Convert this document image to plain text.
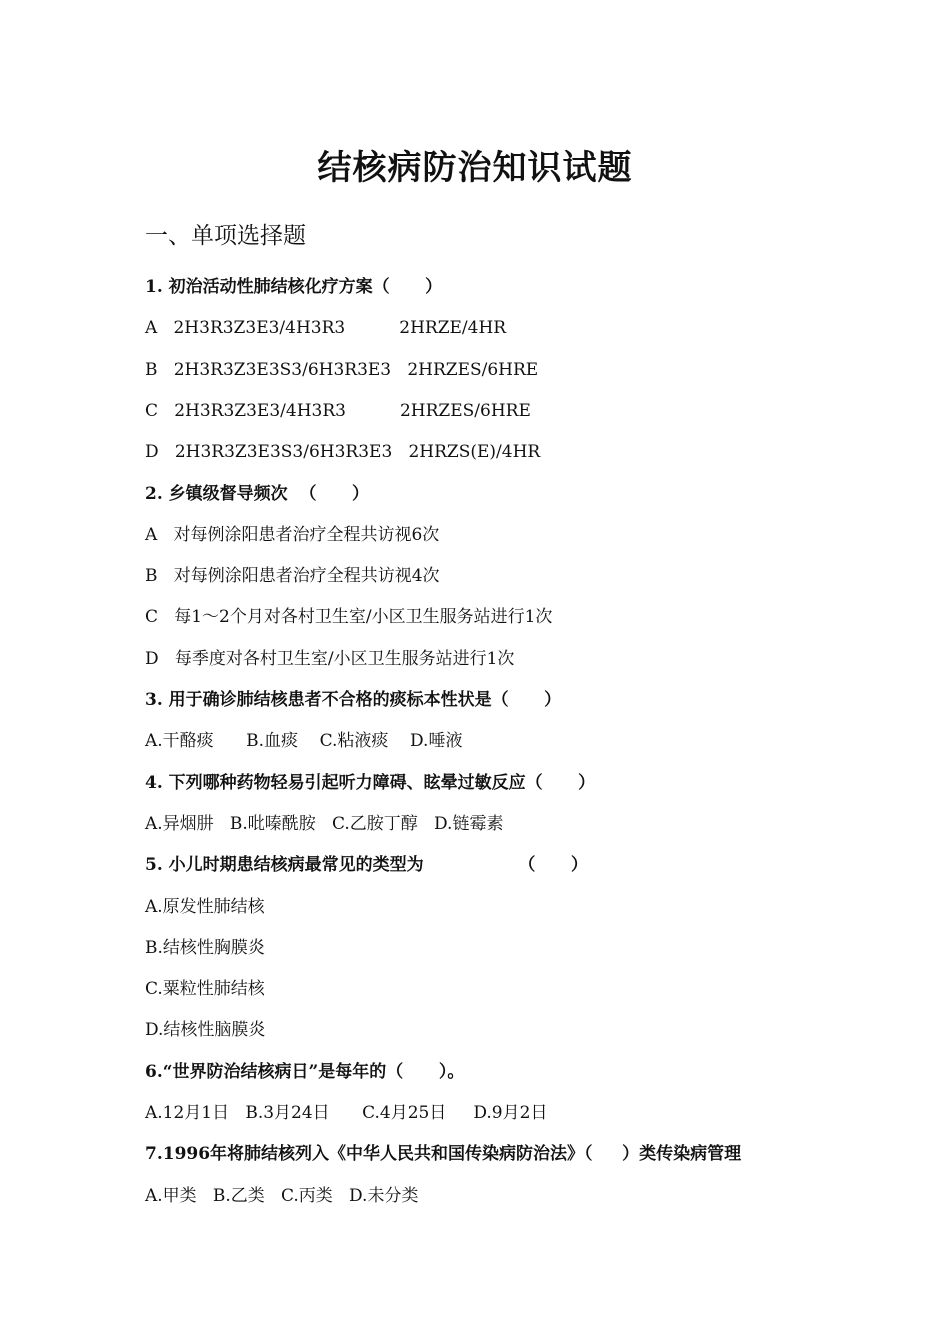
结核病防治知识试题
一、单项选择题
1. 初治活动性肺结核化疗方案（      ）
A   2H3R3Z3E3/4H3R3          2HRZE/4HR
B   2H3R3Z3E3S3/6H3R3E3   2HRZES/6HRE
C   2H3R3Z3E3/4H3R3          2HRZES/6HRE
D   2H3R3Z3E3S3/6H3R3E3   2HRZS(E)/4HR
2. 乡镇级督导频次  （      ）
A   对每例涂阳患者治疗全程共访视6次
B   对每例涂阳患者治疗全程共访视4次
C   每1～2个月对各村卫生室/小区卫生服务站进行1次
D   每季度对各村卫生室/小区卫生服务站进行1次
3. 用于确诊肺结核患者不合格的痰标本性状是（      ）
A.干酪痰      B.血痰    C.粘液痰    D.唾液
4. 下列哪种药物轻易引起听力障碍、眩晕过敏反应（      ）
A.异烟肼   B.吡嗪酰胺   C.乙胺丁醇   D.链霉素
5. 小儿时期患结核病最常见的类型为                （      ）
A.原发性肺结核
B.结核性胸膜炎
C.粟粒性肺结核
D.结核性脑膜炎
6.“世界防治结核病日”是每年的（      ）。
A.12月1日   B.3月24日      C.4月25日     D.9月2日
7.1996年将肺结核列入《中华人民共和国传染病防治法》（     ）类传染病管理
A.甲类   B.乙类   C.丙类   D.未分类
